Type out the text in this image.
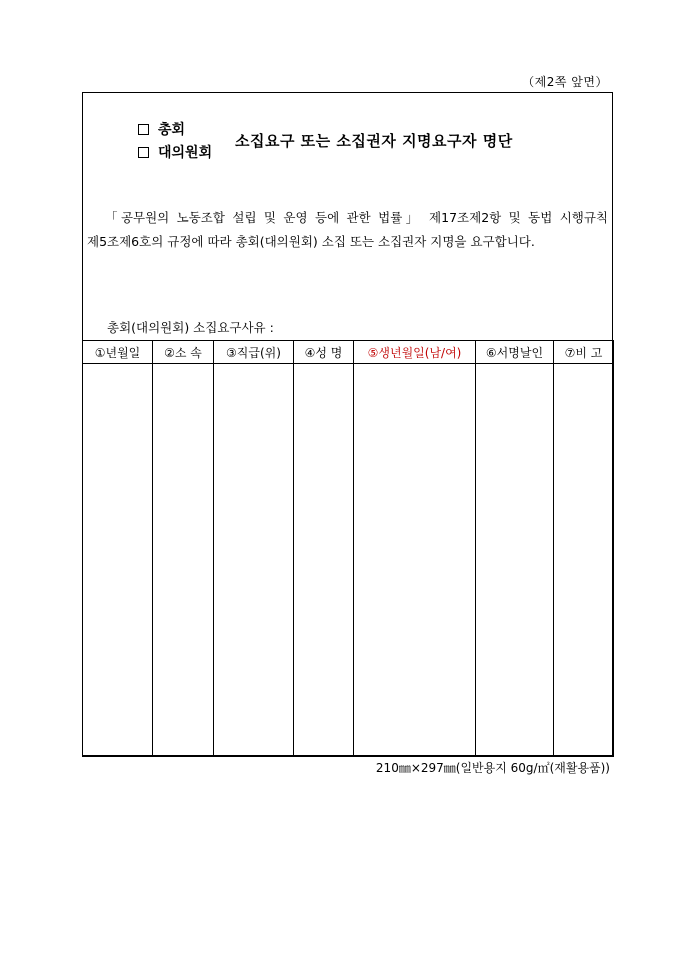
（제2쪽 앞면）
총회
대의원회
소집요구 또는 소집권자 지명요구자 명단
「공무원의 노동조합 설립 및 운영 등에 관한 법률」 제17조제2항 및 동법 시행규칙 제5조제6호의 규정에 따라 총회(대의원회) 소집 또는 소집권자 지명을 요구합니다.
총회(대의원회) 소집요구사유 :
①년월일	②소 속	③직급(위)	④성 명	⑤생년월일(남/여)	⑥서명날인	⑦비 고

210㎜×297㎜(일반용지 60g/㎡(재활용품))
